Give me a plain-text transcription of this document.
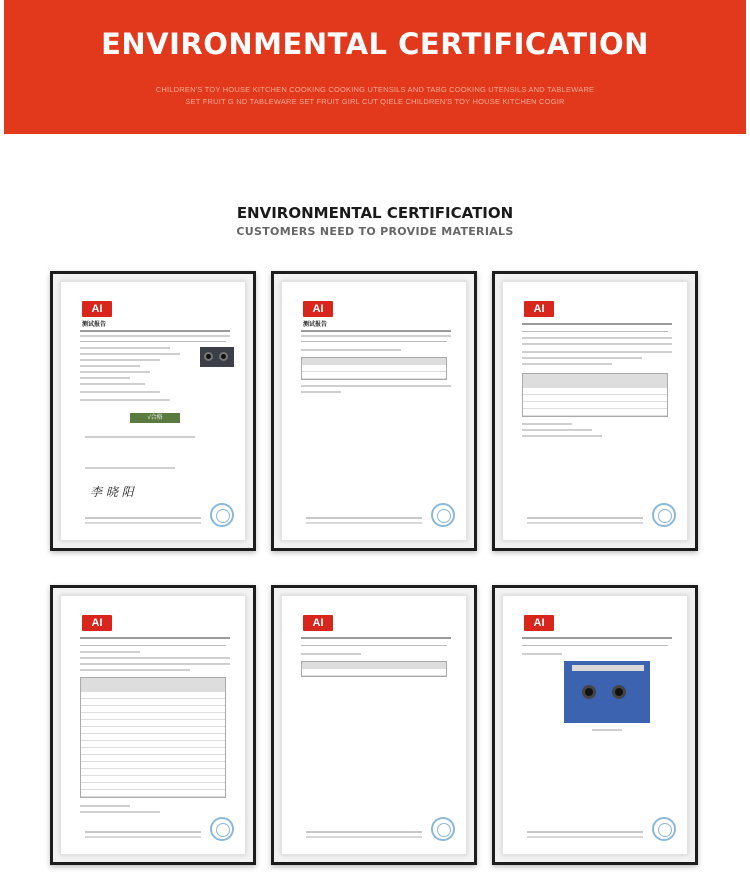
ENVIRONMENTAL CERTIFICATION
CHILDREN'S TOY HOUSE KITCHEN COOKING COOKING UTENSILS AND TABG COOKING UTENSILS AND TABLEWARE SET FRUIT G ND TABLEWARE SET FRUIT GIRL CUT QIELE CHILDREN'S TOY HOUSE KITCHEN COGIR
ENVIRONMENTAL CERTIFICATION
CUSTOMERS NEED TO PROVIDE MATERIALS
AI
测试报告
√合格
李 晓 阳
AI
测试报告
AI
AI	AI	AI
